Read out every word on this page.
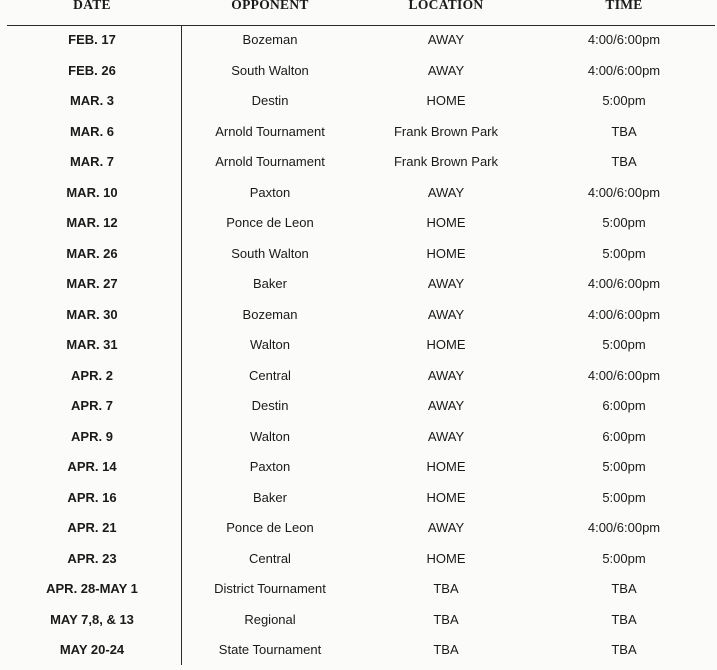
DATE	OPPONENT	LOCATION	TIME
FEB. 17	Bozeman	AWAY	4:00/6:00pm
FEB. 26	South Walton	AWAY	4:00/6:00pm
MAR. 3	Destin	HOME	5:00pm
MAR. 6	Arnold Tournament	Frank Brown Park	TBA
MAR. 7	Arnold Tournament	Frank Brown Park	TBA
MAR. 10	Paxton	AWAY	4:00/6:00pm
MAR. 12	Ponce de Leon	HOME	5:00pm
MAR. 26	South Walton	HOME	5:00pm
MAR. 27	Baker	AWAY	4:00/6:00pm
MAR. 30	Bozeman	AWAY	4:00/6:00pm
MAR. 31	Walton	HOME	5:00pm
APR. 2	Central	AWAY	4:00/6:00pm
APR. 7	Destin	AWAY	6:00pm
APR. 9	Walton	AWAY	6:00pm
APR. 14	Paxton	HOME	5:00pm
APR. 16	Baker	HOME	5:00pm
APR. 21	Ponce de Leon	AWAY	4:00/6:00pm
APR. 23	Central	HOME	5:00pm
APR. 28-MAY 1	District Tournament	TBA	TBA
MAY 7,8, & 13	Regional	TBA	TBA
MAY 20-24	State Tournament	TBA	TBA
